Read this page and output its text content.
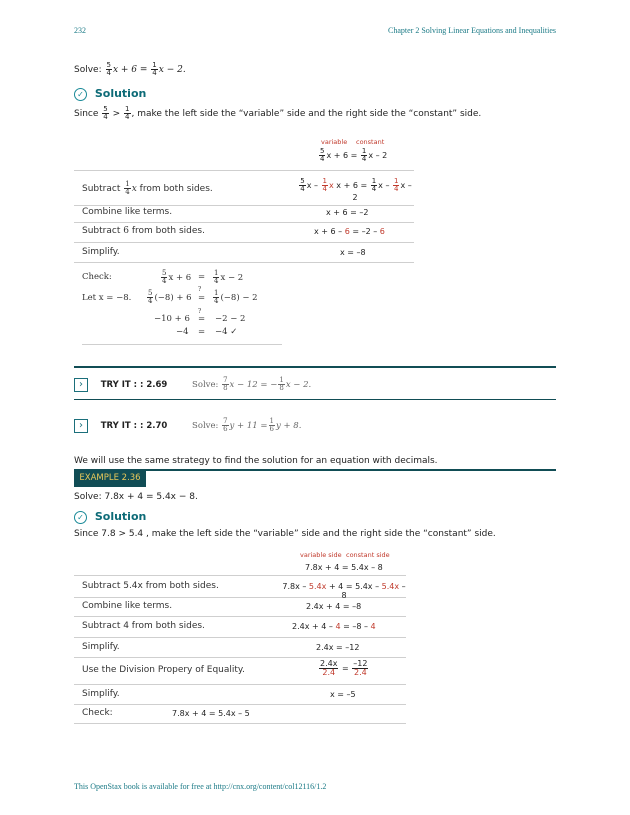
232	Chapter 2 Solving Linear Equations and Inequalities
Solve: $\frac{5}{4}$ $x + 6 = \frac{1}{4}$ x − 2.
✓ Solution
Since $\frac{5}{4} > \frac{1}{4}$ , make the left side the “variable” side and the right side the “constant” side.
variable constant
$\frac{5}{4}$ $x + 6 = \frac{1}{4}$ x – 2
Subtract $\frac{1}{4}$ x from both sides.	$\frac{5}{4}$ x – $\frac{1}{4}$ x $x + 6 = \frac{1}{4}$ x – $\frac{1}{4}$ x – 2
Combine like terms.	x + 6 = –2
Subtract 6 from both sides.	x + 6 – 6 = –2 – 6
Simplify.	x = –8
Check:
Let x = −8.
$\frac{5}{4}$ $x + 6 = \frac{1}{4}$ x − 2
$\frac{5}{4} (-8) + 6$
?
= $\frac{1}{4} (-8) - 2$
−10 + 6
?
= −2 − 2
−4 = −4 ✓
› TRY IT : : 2.69	Solve: $\frac{7}{8}$ x − 12 = − $\frac{1}{8}$ x − 2.
› TRY IT : : 2.70	Solve: $\frac{7}{6}$ $y + 11 = \frac{1}{6}$ y + 8.
We will use the same strategy to find the solution for an equation with decimals.
EXAMPLE 2.36
Solve: 7.8x + 4 = 5.4x − 8.
✓ Solution
Since 7.8 > 5.4 , make the left side the “variable” side and the right side the “constant” side.
variable side constant side
7.8x + 4 = 5.4x – 8
Subtract 5.4x from both sides.	7.8x – 5.4x + 4 = 5.4x – 5.4x – 8
Combine like terms.	2.4x + 4 = –8
Subtract 4 from both sides.	2.4x + 4 – 4 = –8 – 4
Simplify.	2.4x = –12
Use the Division Propery of Equality.	$\frac{2.4x}{2.4} = \frac{-12}{2.4}$
Simplify.	x = –5
Check:	7.8x + 4 = 5.4x – 5
This OpenStax book is available for free at http://cnx.org/content/col12116/1.2
